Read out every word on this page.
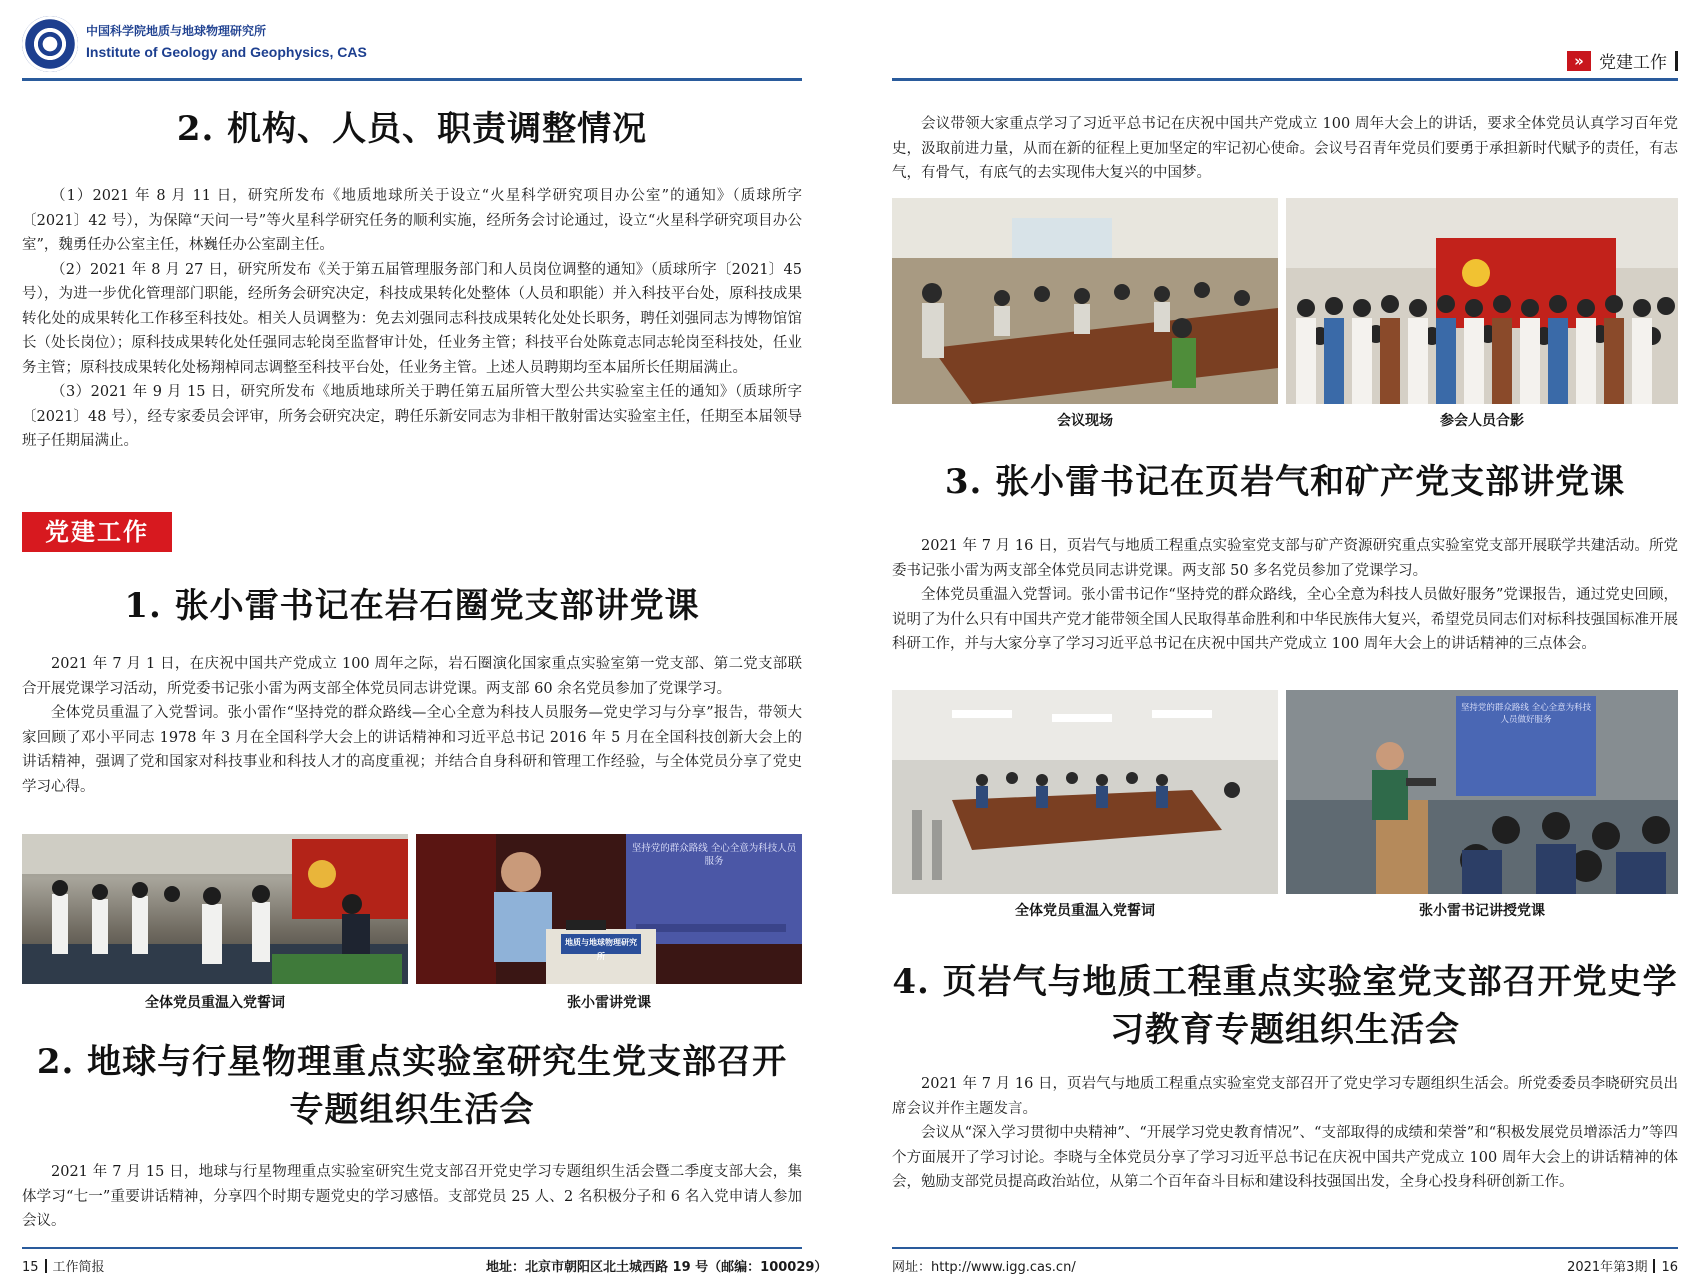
中国科学院地质与地球物理研究所
Institute of Geology and Geophysics, CAS
2. 机构、人员、职责调整情况

（1）2021 年 8 月 11 日，研究所发布《地质地球所关于设立“火星科学研究项目办公室”的通知》（质球所字〔2021〕42 号），为保障“天问一号”等火星科学研究任务的顺利实施，经所务会讨论通过，设立“火星科学研究项目办公室”，魏勇任办公室主任，林巍任办公室副主任。

（2）2021 年 8 月 27 日，研究所发布《关于第五届管理服务部门和人员岗位调整的通知》（质球所字〔2021〕45 号），为进一步优化管理部门职能，经所务会研究决定，科技成果转化处整体（人员和职能）并入科技平台处，原科技成果转化处的成果转化工作移至科技处。相关人员调整为：免去刘强同志科技成果转化处处长职务，聘任刘强同志为博物馆馆长（处长岗位）；原科技成果转化处任强同志轮岗至监督审计处，任业务主管；科技平台处陈竟志同志轮岗至科技处，任业务主管；原科技成果转化处杨翔棹同志调整至科技平台处，任业务主管。上述人员聘期均至本届所长任期届满止。

（3）2021 年 9 月 15 日，研究所发布《地质地球所关于聘任第五届所管大型公共实验室主任的通知》（质球所字〔2021〕48 号），经专家委员会评审，所务会研究决定，聘任乐新安同志为非相干散射雷达实验室主任，任期至本届领导班子任期届满止。

党建工作
1. 张小雷书记在岩石圈党支部讲党课

2021 年 7 月 1 日，在庆祝中国共产党成立 100 周年之际，岩石圈演化国家重点实验室第一党支部、第二党支部联合开展党课学习活动，所党委书记张小雷为两支部全体党员同志讲党课。两支部 60 余名党员参加了党课学习。

全体党员重温了入党誓词。张小雷作“坚持党的群众路线—全心全意为科技人员服务—党史学习与分享”报告，带领大家回顾了邓小平同志 1978 年 3 月在全国科学大会上的讲话精神和习近平总书记 2016 年 5 月在全国科技创新大会上的讲话精神，强调了党和国家对科技事业和科技人才的高度重视；并结合自身科研和管理工作经验，与全体党员分享了党史学习心得。

全体党员重温入党誓词
坚持党的群众路线 全心全意为科技人员服务
地质与地球物理研究所
张小雷讲党课
2. 地球与行星物理重点实验室研究生党支部召开专题组织生活会

2021 年 7 月 15 日，地球与行星物理重点实验室研究生党支部召开党史学习专题组织生活会暨二季度支部大会，集体学习“七一”重要讲话精神，分享四个时期专题党史的学习感悟。支部党员 25 人、2 名积极分子和 6 名入党申请人参加会议。

15 工作简报	地址：北京市朝阳区北土城西路 19 号（邮编：100029）
» 党建工作

会议带领大家重点学习了习近平总书记在庆祝中国共产党成立 100 周年大会上的讲话，要求全体党员认真学习百年党史，汲取前进力量，从而在新的征程上更加坚定的牢记初心使命。会议号召青年党员们要勇于承担新时代赋予的责任，有志气，有骨气，有底气的去实现伟大复兴的中国梦。

会议现场	参会人员合影
3. 张小雷书记在页岩气和矿产党支部讲党课

2021 年 7 月 16 日，页岩气与地质工程重点实验室党支部与矿产资源研究重点实验室党支部开展联学共建活动。所党委书记张小雷为两支部全体党员同志讲党课。两支部 50 多名党员参加了党课学习。

全体党员重温入党誓词。张小雷书记作“坚持党的群众路线，全心全意为科技人员做好服务”党课报告，通过党史回顾，说明了为什么只有中国共产党才能带领全国人民取得革命胜利和中华民族伟大复兴，希望党员同志们对标科技强国标准开展科研工作，并与大家分享了学习习近平总书记在庆祝中国共产党成立 100 周年大会上的讲话精神的三点体会。

全体党员重温入党誓词
坚持党的群众路线 全心全意为科技人员做好服务
张小雷书记讲授党课
4. 页岩气与地质工程重点实验室党支部召开党史学习教育专题组织生活会

2021 年 7 月 16 日，页岩气与地质工程重点实验室党支部召开了党史学习专题组织生活会。所党委委员李晓研究员出席会议并作主题发言。

会议从“深入学习贯彻中央精神”、“开展学习党史教育情况”、“支部取得的成绩和荣誉”和“积极发展党员增添活力”等四个方面展开了学习讨论。李晓与全体党员分享了学习习近平总书记在庆祝中国共产党成立 100 周年大会上的讲话精神的体会，勉励支部党员提高政治站位，从第二个百年奋斗目标和建设科技强国出发，全身心投身科研创新工作。

网址：http://www.igg.cas.cn/	2021年第3期 16
